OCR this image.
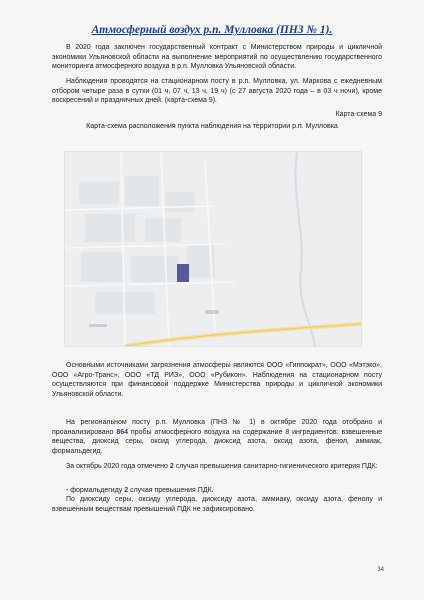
Атмосферный воздух р.п. Мулловка (ПНЗ № 1).
В 2020 года заключен государственный контракт с Министерством природы и цикличной экономики Ульяновской области на выполнение мероприятий по осуществлению государственного мониторинга атмосферного воздуха в р.п. Мулловка Ульяновской области.
Наблюдения проводятся на стационарном посту в р.п. Мулловка, ул. Маркова с ежедневным отбором четыре раза в сутки (01 ч, 07 ч, 13 ч, 19 ч) (с 27 августа 2020 года – в 03 ч ночи), кроме воскресений и праздничных дней. (карта-схема 9).
Карта-схема 9
Карта-схема расположения пункта наблюдения на территории р.п. Мулловка
Основными источниками загрязнения атмосферы являются ООО «Гиппократ», ООО «Мэтэко», ООО «Агро-Транс», ООО «ТД РИЗ», ООО «Рубикон». Наблюдения на стационарном посту осуществляются при финансовой поддержке Министерства природы и цикличной экономики Ульяновской области.
На региональном посту р.п. Мулловка (ПНЗ № 1) в октябре 2020 года отобрано и проанализировано 864 пробы атмосферного воздуха на содержание 8 ингредиентов: взвешенные вещества, диоксид серы, оксид углерода, диоксид азота, оксид азота, фенол, аммиак, формальдегид.
За октябрь 2020 года отмечено 2 случая превышения санитарно-гигиенического критерия ПДК:
- формальдегиду 2 случая превышения ПДК.
По диоксиду серы, оксиду углерода, диоксиду азота, аммиаку, оксиду азота, фенолу и взвешенным веществам превышений ПДК не зафиксировано.
34
